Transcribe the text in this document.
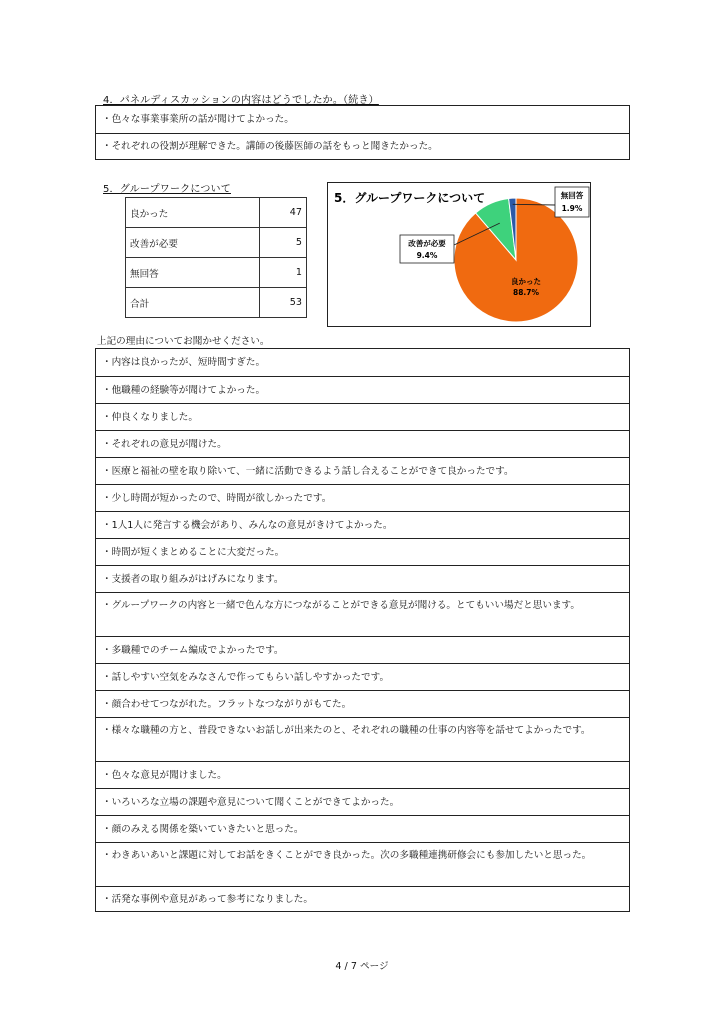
4．パネルディスカッションの内容はどうでしたか。（続き）
・色々な事業事業所の話が聞けてよかった。
・それぞれの役割が理解できた。講師の後藤医師の話をもっと聞きたかった。
5．グループワークについて
良かった	47
改善が必要	5
無回答	1
合計	53
5．グループワークについて
良かった
88.7%
改善が必要
9.4%
無回答
1.9%
上記の理由についてお聞かせください。
・内容は良かったが、短時間すぎた。
・他職種の経験等が聞けてよかった。
・仲良くなりました。
・それぞれの意見が聞けた。
・医療と福祉の壁を取り除いて、一緒に活動できるよう話し合えることができて良かったです。
・少し時間が短かったので、時間が欲しかったです。
・1人1人に発言する機会があり、みんなの意見がきけてよかった。
・時間が短くまとめることに大変だった。
・支援者の取り組みがはげみになります。
・グループワークの内容と一緒で色んな方につながることができる意見が聞ける。とてもいい場だと思います。
・多職種でのチーム編成でよかったです。
・話しやすい空気をみなさんで作ってもらい話しやすかったです。
・顔合わせてつながれた。フラットなつながりがもてた。
・様々な職種の方と、普段できないお話しが出来たのと、それぞれの職種の仕事の内容等を話せてよかったです。
・色々な意見が聞けました。
・いろいろな立場の課題や意見について聞くことができてよかった。
・顔のみえる関係を築いていきたいと思った。
・わきあいあいと課題に対してお話をきくことができ良かった。次の多職種連携研修会にも参加したいと思った。
・活発な事例や意見があって参考になりました。
4 / 7 ページ
